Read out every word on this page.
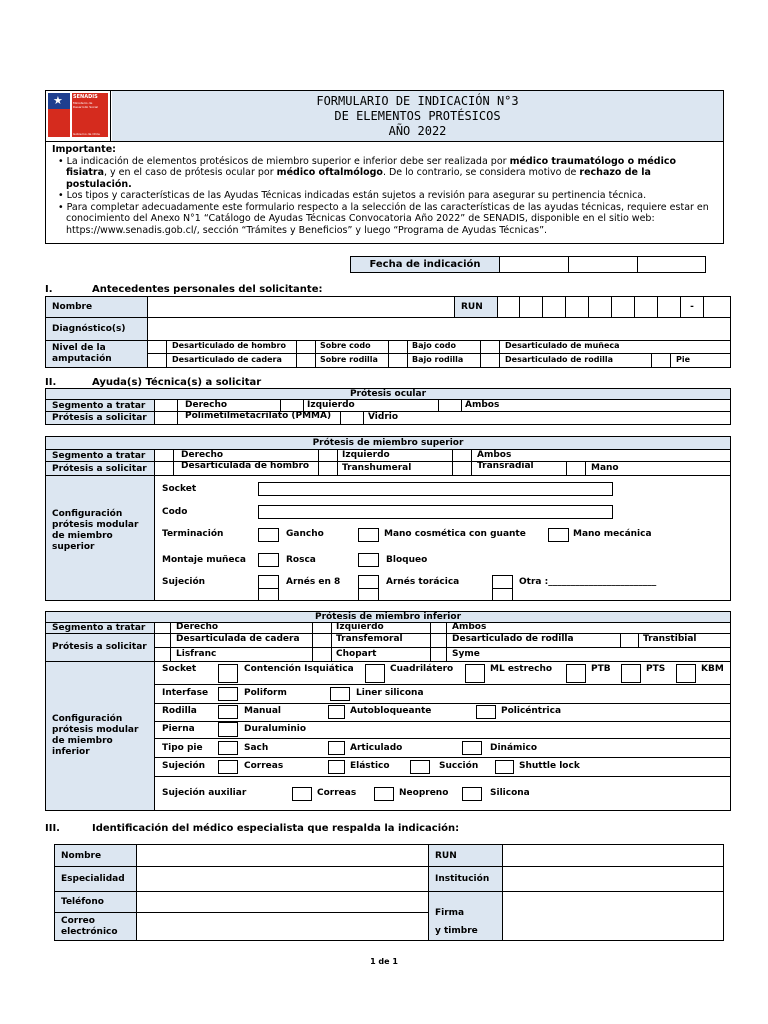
★ SENADIS
Ministerio de Desarrollo Social
Gobierno de Chile
FORMULARIO DE INDICACIÓN N°3
DE ELEMENTOS PROTÉSICOS
AÑO 2022
Importante:
• La indicación de elementos protésicos de miembro superior e inferior debe ser realizada por médico traumatólogo o médico fisiatra, y en el caso de prótesis ocular por médico oftalmólogo. De lo contrario, se considera motivo de rechazo de la postulación.
• Los tipos y características de las Ayudas Técnicas indicadas están sujetos a revisión para asegurar su pertinencia técnica.
• Para completar adecuadamente este formulario respecto a la selección de las características de las ayudas técnicas, requiere estar en conocimiento del Anexo N°1 “Catálogo de Ayudas Técnicas Convocatoria Año 2022” de SENADIS, disponible en el sitio web: https://www.senadis.gob.cl/, sección “Trámites y Beneficios” y luego “Programa de Ayudas Técnicas”.
Fecha de indicación
I.	Antecedentes personales del solicitante:
Nombre	RUN	-
Diagnóstico(s)
Nivel de la amputación
Desarticulado de hombro	Sobre codo	Bajo codo	Desarticulado de muñeca
Desarticulado de cadera	Sobre rodilla	Bajo rodilla	Desarticulado de rodilla	Pie
II.	Ayuda(s) Técnica(s) a solicitar
Prótesis ocular
Segmento a tratar	Derecho	Izquierdo	Ambos
Prótesis a solicitar	Polimetilmetacrilato (PMMA)	Vidrio
Prótesis de miembro superior
Segmento a tratar	Derecho	Izquierdo	Ambos
Prótesis a solicitar	Desarticulada de hombro	Transhumeral	Transradial	Mano
Configuración prótesis modular de miembro superior
Socket
Codo
Terminación	Gancho	Mano cosmética con guante	Mano mecánica
Montaje muñeca	Rosca	Bloqueo
Sujeción	Arnés en 8	Arnés torácica	Otra :________________________
Prótesis de miembro inferior
Segmento a tratar	Derecho	Izquierdo	Ambos
Prótesis a solicitar
Desarticulada de cadera	Transfemoral	Desarticulado de rodilla	Transtibial
Lisfranc	Chopart	Syme
Configuración prótesis modular de miembro inferior
Socket	Contención Isquiática	Cuadrilátero	ML estrecho	PTB	PTS	KBM
Interfase	Poliform	Liner silicona
Rodilla	Manual	Autobloqueante	Policéntrica
Pierna	Duraluminio
Tipo pie	Sach	Articulado	Dinámico
Sujeción	Correas	Elástico	Succión	Shuttle lock
Sujeción auxiliar	Correas	Neopreno	Silicona
III.	Identificación del médico especialista que respalda la indicación:
Nombre	RUN
Especialidad	Institución
Teléfono
Firma
y timbre
Correo electrónico
1 de 1
